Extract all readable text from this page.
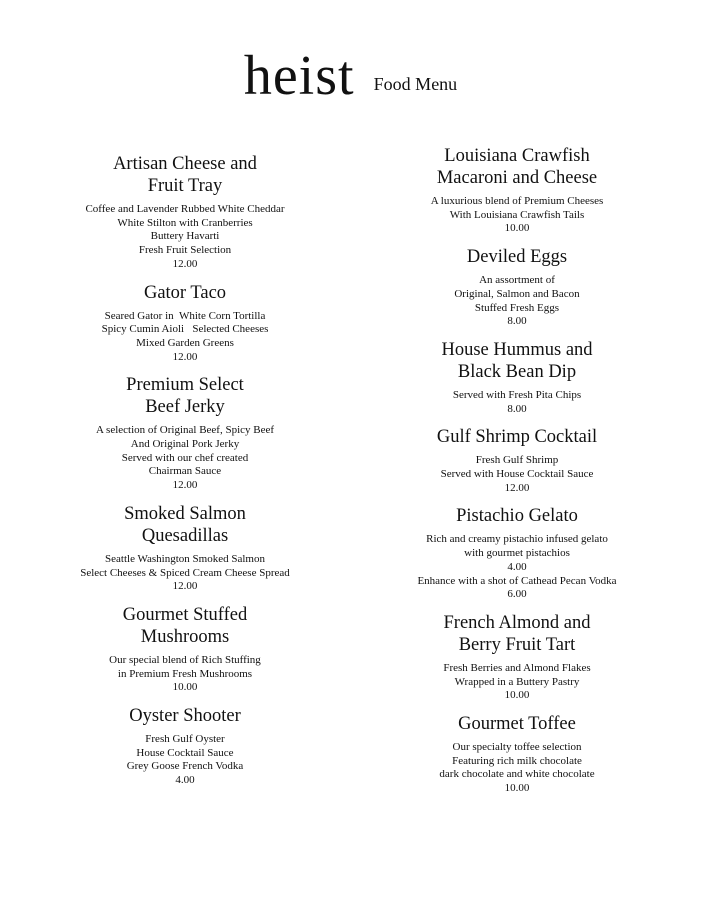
heist Food Menu
Artisan Cheese and
Fruit Tray
Coffee and Lavender Rubbed White Cheddar
White Stilton with Cranberries
Buttery Havarti
Fresh Fruit Selection
12.00
Gator Taco
Seared Gator in  White Corn Tortilla
Spicy Cumin Aioli   Selected Cheeses
Mixed Garden Greens
12.00
Premium Select
Beef Jerky
A selection of Original Beef, Spicy Beef
And Original Pork Jerky
Served with our chef created
Chairman Sauce
12.00
Smoked Salmon
Quesadillas
Seattle Washington Smoked Salmon
Select Cheeses & Spiced Cream Cheese Spread
12.00
Gourmet Stuffed
Mushrooms
Our special blend of Rich Stuffing
in Premium Fresh Mushrooms
10.00
Oyster Shooter
Fresh Gulf Oyster
House Cocktail Sauce
Grey Goose French Vodka
4.00
Louisiana Crawfish
Macaroni and Cheese
A luxurious blend of Premium Cheeses
With Louisiana Crawfish Tails
10.00
Deviled Eggs
An assortment of
Original, Salmon and Bacon
Stuffed Fresh Eggs
8.00
House Hummus and
Black Bean Dip
Served with Fresh Pita Chips
8.00
Gulf Shrimp Cocktail
Fresh Gulf Shrimp
Served with House Cocktail Sauce
12.00
Pistachio Gelato
Rich and creamy pistachio infused gelato
with gourmet pistachios
4.00
Enhance with a shot of Cathead Pecan Vodka
6.00
French Almond and
Berry Fruit Tart
Fresh Berries and Almond Flakes
Wrapped in a Buttery Pastry
10.00
Gourmet Toffee
Our specialty toffee selection
Featuring rich milk chocolate
dark chocolate and white chocolate
10.00
